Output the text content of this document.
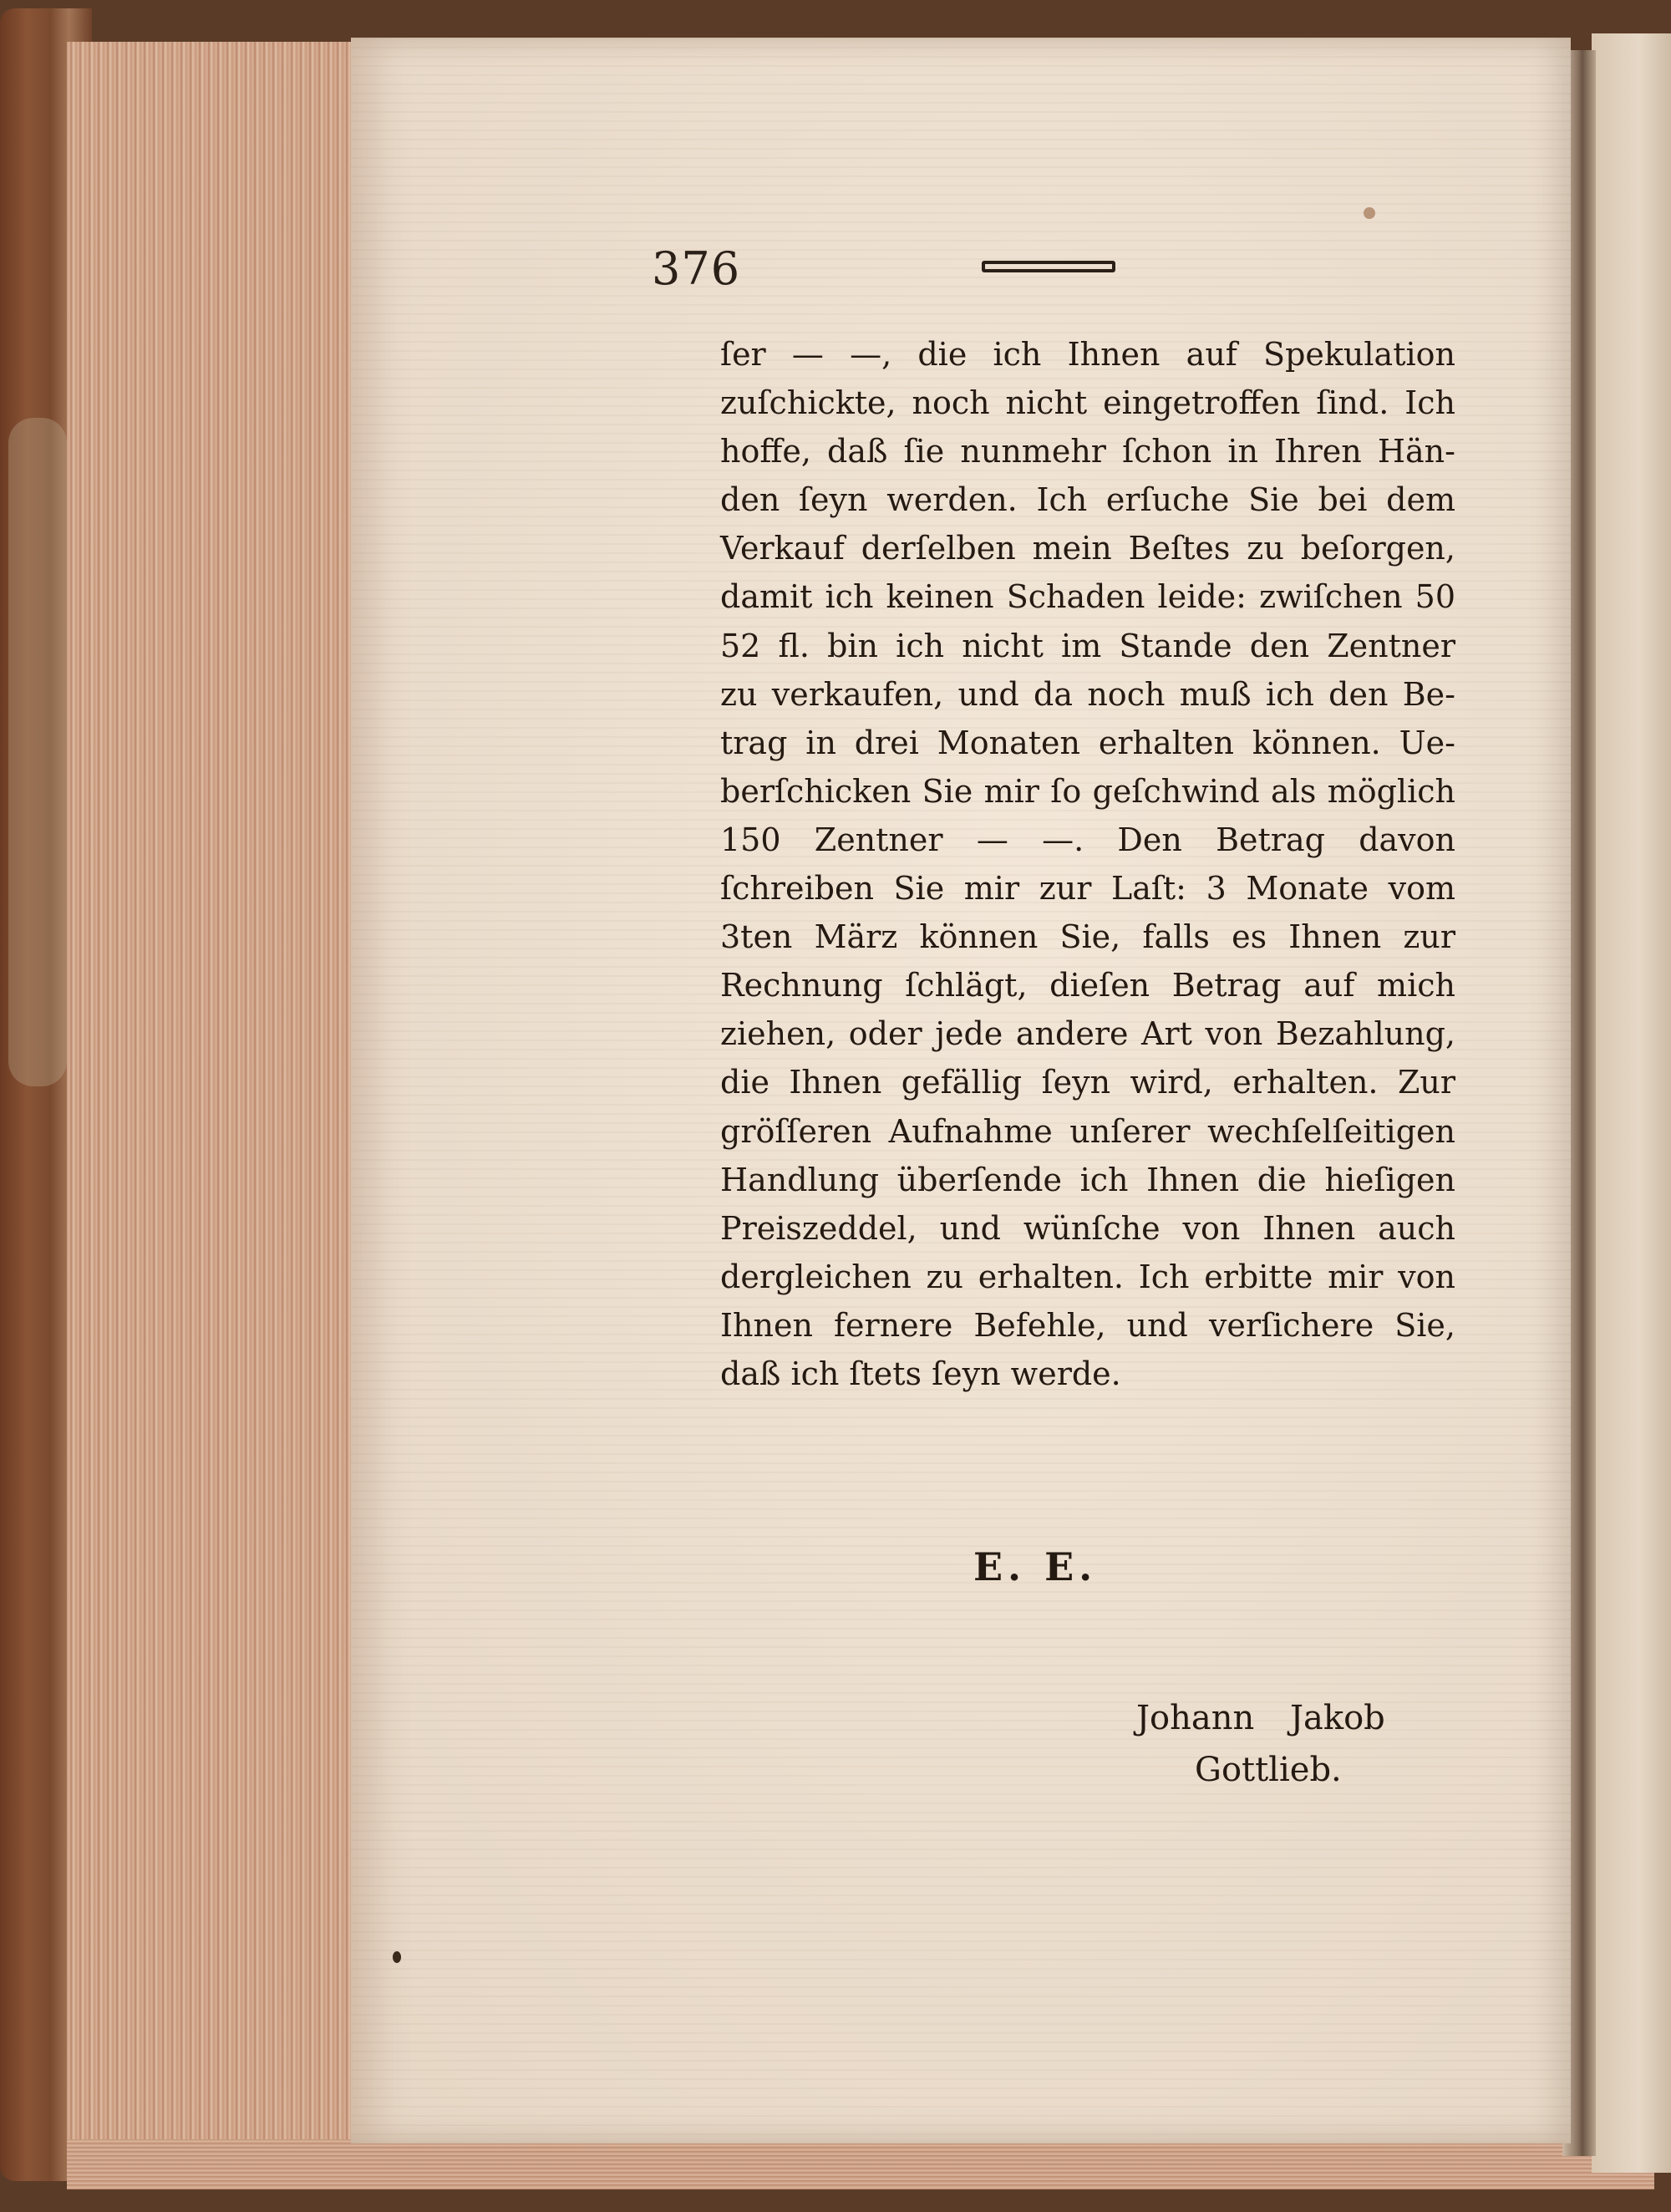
376
ſer — —, die ich Ihnen auf Spekulation
zuſchickte, noch nicht eingetroffen ſind. Ich
hoffe, daß ſie nunmehr ſchon in Ihren Hän-
den ſeyn werden. Ich erſuche Sie bei dem
Verkauf derſelben mein Beſtes zu beſorgen,
damit ich keinen Schaden leide: zwiſchen 50
52 fl. bin ich nicht im Stande den Zentner
zu verkaufen, und da noch muß ich den Be-
trag in drei Monaten erhalten können. Ue-
berſchicken Sie mir ſo geſchwind als möglich
150 Zentner — —. Den Betrag davon
ſchreiben Sie mir zur Laſt: 3 Monate vom
3ten März können Sie, falls es Ihnen zur
Rechnung ſchlägt, dieſen Betrag auf mich
ziehen, oder jede andere Art von Bezahlung,
die Ihnen gefällig ſeyn wird, erhalten. Zur
gröſſeren Aufnahme unſerer wechſelſeitigen
Handlung überſende ich Ihnen die hieſigen
Preiszeddel, und wünſche von Ihnen auch
dergleichen zu erhalten. Ich erbitte mir von
Ihnen fernere Befehle, und verſichere Sie,
daß ich ſtets ſeyn werde.
E. E.
Johann Jakob
Gottlieb.
